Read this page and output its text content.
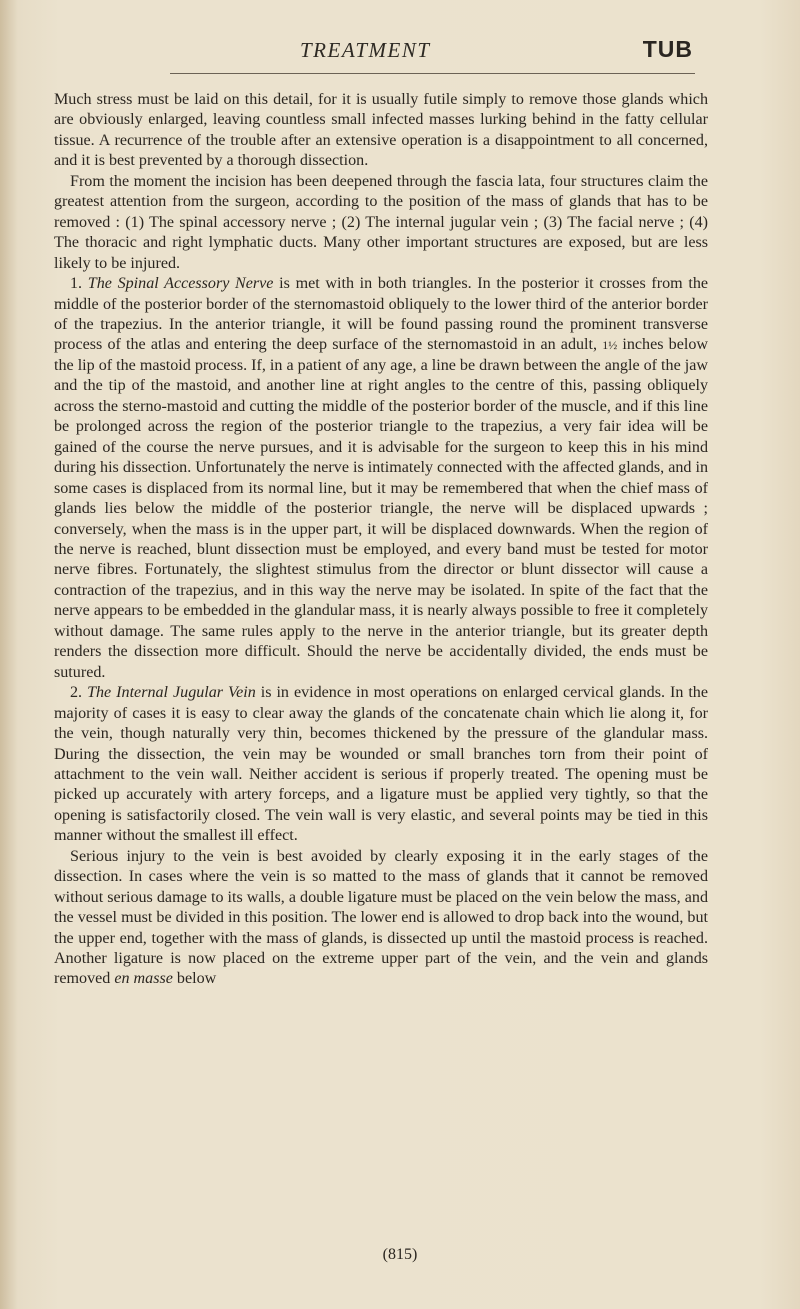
TREATMENT	TUB

Much stress must be laid on this detail, for it is usually futile simply to remove those glands which are obviously enlarged, leaving countless small infected masses lurking behind in the fatty cellular tissue. A recurrence of the trouble after an extensive operation is a disappointment to all concerned, and it is best prevented by a thorough dissection.

From the moment the incision has been deepened through the fascia lata, four structures claim the greatest attention from the surgeon, according to the position of the mass of glands that has to be removed : (1) The spinal accessory nerve ; (2) The internal jugular vein ; (3) The facial nerve ; (4) The thoracic and right lymphatic ducts. Many other important structures are exposed, but are less likely to be injured.

1. The Spinal Accessory Nerve is met with in both triangles. In the posterior it crosses from the middle of the posterior border of the sternomastoid obliquely to the lower third of the anterior border of the trapezius. In the anterior triangle, it will be found passing round the prominent transverse process of the atlas and entering the deep surface of the sternomastoid in an adult, 1½ inches below the lip of the mastoid process. If, in a patient of any age, a line be drawn between the angle of the jaw and the tip of the mastoid, and another line at right angles to the centre of this, passing obliquely across the sterno-mastoid and cutting the middle of the posterior border of the muscle, and if this line be prolonged across the region of the posterior triangle to the trapezius, a very fair idea will be gained of the course the nerve pursues, and it is advisable for the surgeon to keep this in his mind during his dissection. Unfortunately the nerve is intimately connected with the affected glands, and in some cases is displaced from its normal line, but it may be remembered that when the chief mass of glands lies below the middle of the posterior triangle, the nerve will be displaced upwards ; conversely, when the mass is in the upper part, it will be displaced downwards. When the region of the nerve is reached, blunt dissection must be employed, and every band must be tested for motor nerve fibres. Fortunately, the slightest stimulus from the director or blunt dissector will cause a contraction of the trapezius, and in this way the nerve may be isolated. In spite of the fact that the nerve appears to be embedded in the glandular mass, it is nearly always possible to free it completely without damage. The same rules apply to the nerve in the anterior triangle, but its greater depth renders the dissection more difficult. Should the nerve be accidentally divided, the ends must be sutured.

2. The Internal Jugular Vein is in evidence in most operations on enlarged cervical glands. In the majority of cases it is easy to clear away the glands of the concatenate chain which lie along it, for the vein, though naturally very thin, becomes thickened by the pressure of the glandular mass. During the dissection, the vein may be wounded or small branches torn from their point of attachment to the vein wall. Neither accident is serious if properly treated. The opening must be picked up accurately with artery forceps, and a ligature must be applied very tightly, so that the opening is satisfactorily closed. The vein wall is very elastic, and several points may be tied in this manner without the smallest ill effect.

Serious injury to the vein is best avoided by clearly exposing it in the early stages of the dissection. In cases where the vein is so matted to the mass of glands that it cannot be removed without serious damage to its walls, a double ligature must be placed on the vein below the mass, and the vessel must be divided in this position. The lower end is allowed to drop back into the wound, but the upper end, together with the mass of glands, is dissected up until the mastoid process is reached. Another ligature is now placed on the extreme upper part of the vein, and the vein and glands removed en masse below

(815)
